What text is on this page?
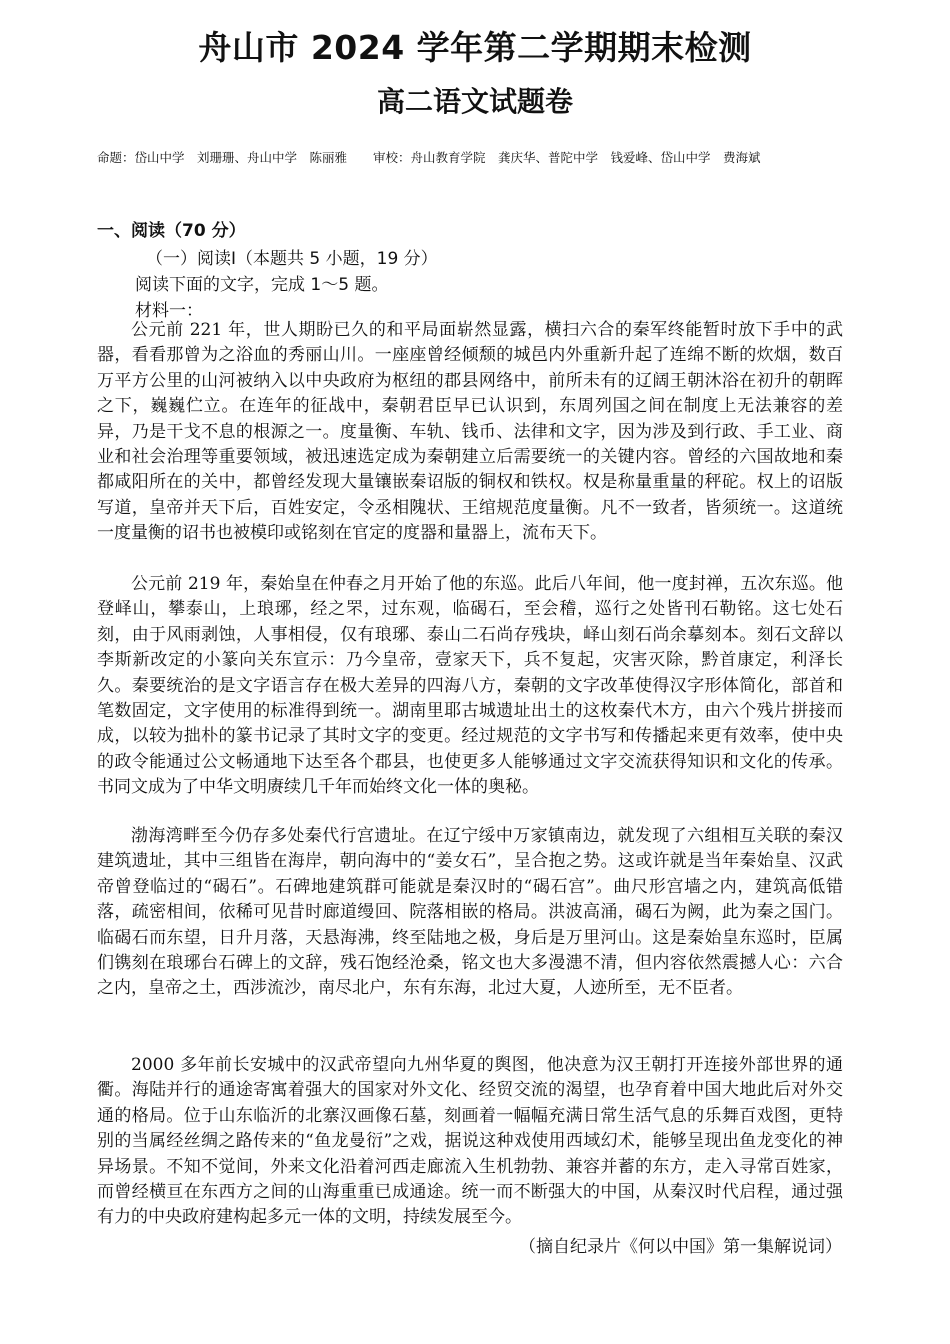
舟山市 2024 学年第二学期期末检测
高二语文试题卷
命题：岱山中学　刘珊珊、舟山中学　陈丽雅 审校：舟山教育学院　龚庆华、普陀中学　钱爱峰、岱山中学　费海斌
一、阅读（70 分）
（一）阅读Ⅰ（本题共 5 小题，19 分）
阅读下面的文字，完成 1～5 题。
材料一：

公元前 221 年，世人期盼已久的和平局面崭然显露，横扫六合的秦军终能暂时放下手中的武器，看看那曾为之浴血的秀丽山川。一座座曾经倾颓的城邑内外重新升起了连绵不断的炊烟，数百万平方公里的山河被纳入以中央政府为枢纽的郡县网络中，前所未有的辽阔王朝沐浴在初升的朝晖之下，巍巍伫立。在连年的征战中，秦朝君臣早已认识到，东周列国之间在制度上无法兼容的差异，乃是干戈不息的根源之一。度量衡、车轨、钱币、法律和文字，因为涉及到行政、手工业、商业和社会治理等重要领域，被迅速选定成为秦朝建立后需要统一的关键内容。曾经的六国故地和秦都咸阳所在的关中，都曾经发现大量镶嵌秦诏版的铜权和铁权。权是称量重量的秤砣。权上的诏版写道，皇帝并天下后，百姓安定，令丞相隗状、王绾规范度量衡。凡不一致者，皆须统一。这道统一度量衡的诏书也被模印或铭刻在官定的度器和量器上，流布天下。

公元前 219 年，秦始皇在仲春之月开始了他的东巡。此后八年间，他一度封禅，五次东巡。他登峄山，攀泰山，上琅琊，经之罘，过东观，临碣石，至会稽，巡行之处皆刊石勒铭。这七处石刻，由于风雨剥蚀，人事相侵，仅有琅琊、泰山二石尚存残块，峄山刻石尚余摹刻本。刻石文辞以李斯新改定的小篆向关东宣示：乃今皇帝，壹家天下，兵不复起，灾害灭除，黔首康定，利泽长久。秦要统治的是文字语言存在极大差异的四海八方，秦朝的文字改革使得汉字形体简化，部首和笔数固定，文字使用的标准得到统一。湖南里耶古城遗址出土的这枚秦代木方，由六个残片拼接而成，以较为拙朴的篆书记录了其时文字的变更。经过规范的文字书写和传播起来更有效率，使中央的政令能通过公文畅通地下达至各个郡县，也使更多人能够通过文字交流获得知识和文化的传承。书同文成为了中华文明赓续几千年而始终文化一体的奥秘。

渤海湾畔至今仍存多处秦代行宫遗址。在辽宁绥中万家镇南边，就发现了六组相互关联的秦汉建筑遗址，其中三组皆在海岸，朝向海中的“姜女石”，呈合抱之势。这或许就是当年秦始皇、汉武帝曾登临过的“碣石”。石碑地建筑群可能就是秦汉时的“碣石宫”。曲尺形宫墙之内，建筑高低错落，疏密相间，依稀可见昔时廊道缦回、院落相嵌的格局。洪波高涌，碣石为阙，此为秦之国门。临碣石而东望，日升月落，天悬海沸，终至陆地之极，身后是万里河山。这是秦始皇东巡时，臣属们镌刻在琅琊台石碑上的文辞，残石饱经沧桑，铭文也大多漫漶不清，但内容依然震撼人心：六合之内，皇帝之土，西涉流沙，南尽北户，东有东海，北过大夏，人迹所至，无不臣者。

2000 多年前长安城中的汉武帝望向九州华夏的舆图，他决意为汉王朝打开连接外部世界的通衢。海陆并行的通途寄寓着强大的国家对外文化、经贸交流的渴望，也孕育着中国大地此后对外交通的格局。位于山东临沂的北寨汉画像石墓，刻画着一幅幅充满日常生活气息的乐舞百戏图，更特别的当属经丝绸之路传来的“鱼龙曼衍”之戏，据说这种戏使用西域幻术，能够呈现出鱼龙变化的神异场景。不知不觉间，外来文化沿着河西走廊流入生机勃勃、兼容并蓄的东方，走入寻常百姓家，而曾经横亘在东西方之间的山海重重已成通途。统一而不断强大的中国，从秦汉时代启程，通过强有力的中央政府建构起多元一体的文明，持续发展至今。

（摘自纪录片《何以中国》第一集解说词）
